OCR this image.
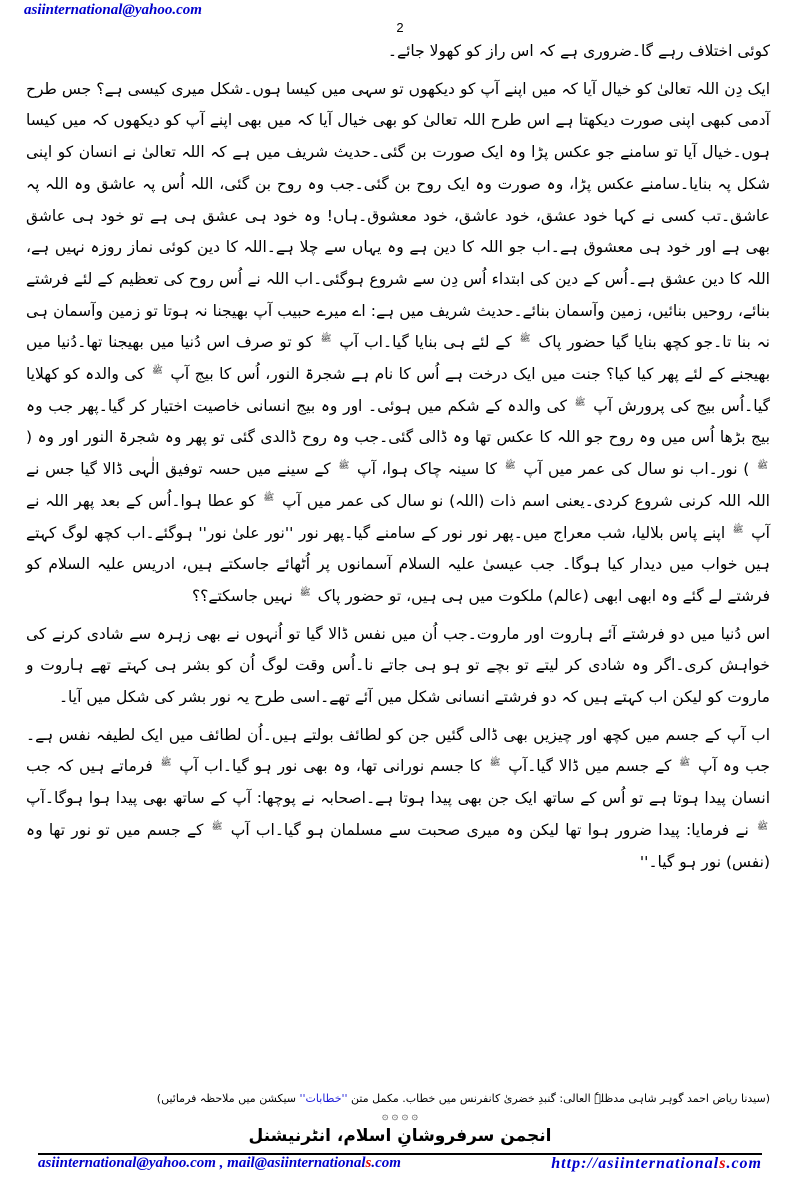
asiinternational@yahoo.com
2

کوئی اختلاف رہے گا۔ضروری ہے کہ اس راز کو کھولا جائے۔

ایک دِن اللہ تعالیٰ کو خیال آیا کہ میں اپنے آپ کو دیکھوں تو سہی میں کیسا ہوں۔شکل میری کیسی ہے؟ جس طرح آدمی کبھی اپنی صورت دیکھتا ہے اس طرح اللہ تعالیٰ کو بھی خیال آیا کہ میں بھی اپنے آپ کو دیکھوں کہ میں کیسا ہوں۔خیال آیا تو سامنے جو عکس پڑا وہ ایک صورت بن گئی۔حدیث شریف میں ہے کہ اللہ تعالیٰ نے انسان کو اپنی شکل پہ بنایا۔سامنے عکس پڑا، وہ صورت وہ ایک روح بن گئی۔جب وہ روح بن گئی، اللہ اُس پہ عاشق وہ اللہ پہ عاشق۔تب کسی نے کہا خود عشق، خود عاشق، خود معشوق۔ہاں! وہ خود ہی عشق ہی ہے تو خود ہی عاشق بھی ہے اور خود ہی معشوق ہے۔اب جو اللہ کا دین ہے وہ یہاں سے چلا ہے۔اللہ کا دین کوئی نماز روزہ نہیں ہے، اللہ کا دین عشق ہے۔اُس کے دین کی ابتداء اُس دِن سے شروع ہوگئی۔اب اللہ نے اُس روح کی تعظیم کے لئے فرشتے بنائے، روحیں بنائیں، زمین وآسمان بنائے۔حدیث شریف میں ہے: اے میرے حبیب آپ بھیجنا نہ ہوتا تو زمین وآسمان ہی نہ بنا تا۔جو کچھ بنایا گیا حضور پاک ﷺ کے لئے ہی بنایا گیا۔اب آپ ﷺ کو تو صرف اس دُنیا میں بھیجنا تھا۔دُنیا میں بھیجنے کے لئے پھر کیا کیا؟ جنت میں ایک درخت ہے اُس کا نام ہے شجرۃ النور، اُس کا بیج آپ ﷺ کی والدہ کو کھلایا گیا۔اُس بیج کی پرورش آپ ﷺ کی والدہ کے شکم میں ہوئی۔ اور وہ بیج انسانی خاصیت اختیار کر گیا۔پھر جب وہ بیج بڑھا اُس میں وہ روح جو اللہ کا عکس تھا وہ ڈالی گئی۔جب وہ روح ڈالدی گئی تو پھر وہ شجرۃ النور اور وہ ( ﷺ ) نور۔اب نو سال کی عمر میں آپ ﷺ کا سینہ چاک ہوا، آپ ﷺ کے سینے میں حسہ توفیق الٰہی ڈالا گیا جس نے اللہ اللہ کرنی شروع کردی۔یعنی اسم ذات (اللہ) نو سال کی عمر میں آپ ﷺ کو عطا ہوا۔اُس کے بعد پھر اللہ نے آپ ﷺ اپنے پاس بلالیا، شب معراج میں۔پھر نور نور کے سامنے گیا۔پھر نور ''نور علیٰ نور'' ہوگئے۔اب کچھ لوگ کہتے ہیں خواب میں دیدار کیا ہوگا۔ جب عیسیٰ علیہ السلام آسمانوں پر اُٹھائے جاسکتے ہیں، ادریس علیہ السلام کو فرشتے لے گئے وہ ابھی ابھی (عالم) ملکوت میں ہی ہیں، تو حضور پاک ﷺ نہیں جاسکتے؟؟

اس دُنیا میں دو فرشتے آئے ہاروت اور ماروت۔جب اُن میں نفس ڈالا گیا تو اُنہوں نے بھی زہرہ سے شادی کرنے کی خواہش کری۔اگر وہ شادی کر لیتے تو بچے تو ہو ہی جاتے نا۔اُس وقت لوگ اُن کو بشر ہی کہتے تھے ہاروت و ماروت کو لیکن اب کہتے ہیں کہ دو فرشتے انسانی شکل میں آئے تھے۔اسی طرح یہ نور بشر کی شکل میں آیا۔

اب آپ کے جسم میں کچھ اور چیزیں بھی ڈالی گئیں جن کو لطائف بولتے ہیں۔اُن لطائف میں ایک لطیفہ نفس ہے۔جب وہ آپ ﷺ کے جسم میں ڈالا گیا۔آپ ﷺ کا جسم نورانی تھا، وہ بھی نور ہو گیا۔اب آپ ﷺ فرماتے ہیں کہ جب انسان پیدا ہوتا ہے تو اُس کے ساتھ ایک جن بھی پیدا ہوتا ہے۔اصحابہ نے پوچھا: آپ کے ساتھ بھی پیدا ہوا ہوگا۔آپ ﷺ نے فرمایا: پیدا ضرور ہوا تھا لیکن وہ میری صحبت سے مسلمان ہو گیا۔اب آپ ﷺ کے جسم میں تو نور تھا وہ (نفس) نور ہو گیا۔''

(سیدنا ریاض احمد گوہر شاہی مدظلہٗ العالی: گنبدِ خضریٰ کانفرنس میں خطاب. مکمل متن ''خطابات'' سیکشن میں ملاحظہ فرمائیں)
۞ ۞ ۞ ۞
انجمن سرفروشانِ اسلام، انٹرنیشنل
asiinternational@yahoo.com , mail@asiinternationals.com	http://asiinternationals.com
